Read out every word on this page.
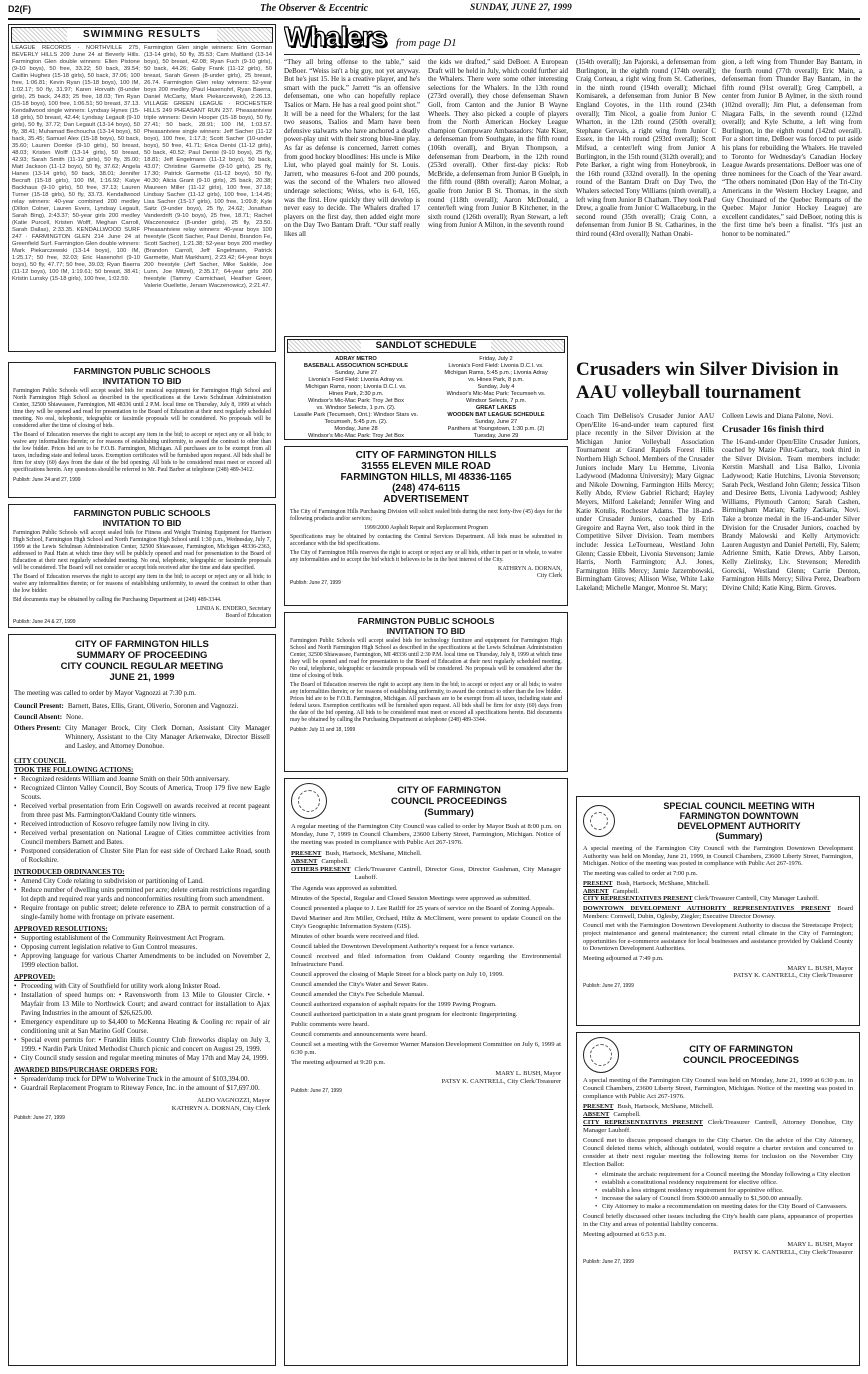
D2(F)	The Observer & Eccentric	SUNDAY, JUNE 27, 1999
SWIMMING RESULTS
LEAGUE RECORDS · NORTHVILLE 275, BEVERLY HILLS 209 June 24 at Beverly Hills. Farmington Glen double winners: Ellen Pistone (9-10 boys), 50 free, 33.22; 50 back, 39.54; Caitlin Hughes (15-18 girls), 50 back, 37.06; 100 free, 1:06.81; Kevin Ryan (15-18 boys), 100 IM, 1:02.17; 50 fly, 31.97; Karen Horvath (8-under girls), 25 back, 24.83; 25 free, 18.03; Tim Ryan (15-18 boys), 100 free, 1:06.51; 50 breast, 37.13. Kendallwood single winners: Lyndsay Hynes (15-18 girls), 50 breast, 42.44; Lyndsay Legault (9-10 girls), 50 fly, 37.72; Dan Legault (13-14 boys), 50 fly, 38.41; Muhamad Bechoucha (13-14 boys), 50 back, 35.45; Samuel Alex (15-18 boys), 50 back, 35.60; Lauren Domke (9-10 girls), 50 breast, 48.03; Kristen Wolff (13-14 girls), 50 breast, 42.93; Sarah Smith (11-12 girls), 50 fly, 35.00; Matt Jackson (11-12 boys), 50 fly, 37.62; Angela Hanes (13-14 girls), 50 back, 38.01; Jennifer Becraft (15-18 girls), 100 IM, 1:16.92; Katye Backhaus (9-10 girls), 50 free, 37.13; Lauren Turner (15-18 girls), 50 fly, 33.73. Kendallwood relay winners: 40-year combined 200 medley (Dillon Colner, Lauren Evers, Lyndsay Legault, Sarah Bing), 2:43.37; 50-year girls 200 medley (Katie Purcell, Kristen Wolff, Meghan Carroll, Sarah Dallas), 2:33.35. KENDALLWOOD SURF 247 · FARMINGTON GLEN 214 June 24 at Greenfield Surf. Farmington Glen double winners: Mark Piekarczewski (13-14 boys), 100 IM, 1:25.17; 50 free, 32.03; Eric Hasenohrl (9-10 boys), 50 fly, 47.77; 50 free, 39.03; Ryan Baerra (11-12 boys), 100 IM, 1:19.61; 50 breast, 38.41; Kristin Lunsky (15-18 girls), 100 free, 1:02.59.
Farmington Glen single winners: Erin Gorman (13-14 girls), 50 fly, 35.53; Cam Maitland (13-14 boys), 50 breast, 42.08; Ryan Fuch (9-10 girls), 50 back, 44.26; Gaby Frank (11-12 girls), 50 breast, Sarah Green (8-under girls), 25 breast, 26.74. Farmington Glen relay winners: 52-year boys 200 medley (Paul Hasenohrl, Ryan Baerra, Daniel McCarty, Mark Piekarczewski), 2:26.13. VILLAGE GREEN LEAGUE · ROCHESTER HILLS 249 PHEASANT RUN 237. Pheasantview triple winners: Devin Hooper (15-18 boys), 50 fly, 27.41; 50 back, 28.91; 100 IM, 1:03.57. Pheasantview single winners: Jeff Sacher (11-12 boys), 100 free, 1:17.3; Scott Sacher (10-under boys), 50 free, 41.71; Erica Denisi (11-12 girls), 50 back, 40.52; Paul Denisi (9-10 boys), 25 fly, 18.81; Jeff Engelmann (11-12 boys), 50 back, 43.07; Christine Garmette (9-10 girls), 25 fly, 17.30; Patrick Garmette (11-12 boys), 50 fly, 40.30; Alicia Grant (9-10 girls), 25 back, 20.38; Maureen Miller (11-12 girls), 100 free, 37.18; Lindsay Sacher (11-12 girls), 100 free, 1:14.45; Lisa Sacher (15-17 girls), 100 free, 1:09.8; Kyle Saitz (9-under boys), 25 fly, 24.62; Jonathan Vanderdrift (9-10 boys), 25 free, 18.71; Rachel Waczenowicz (8-under girls), 25 fly, 23.50. Pheasantview relay winners: 40-year boys 100 freestyle (Scott Sacher, Paul Denisi, Brandon Fe, Scott Sacher), 1:21.38; 52-year boys 200 medley (Brandon Carroll, Jeff Engelmann, Patrick Garmette, Matt Markham), 2:23.42; 64-year boys 200 freestyle (Jeff Sacher, Mike Sakkle, Joe Lunn, Joe Mitzel), 2:35.17; 64-year girls 200 freestyle (Tammy Carmichael, Heather Greer, Valerie Ouellette, Jenam Waczenowicz), 2:21.47.
Whalers from page D1
“They all bring offense to the table,” said DeBoer. “Weiss isn't a big guy, not yet anyway. But he's just 15. He is a creative player, and he's smart with the puck.” Jarrett “is an offensive defenseman, one who can hopefully replace Tsalios or Marn. He has a real good point shot.” It will be a need for the Whalers; for the last two seasons, Tsalios and Marn have been defensive stalwarts who have anchored a deadly power-play unit with their strong blue-line play. As far as defense is concerned, Jarrett comes from good hockey bloodlines: His uncle is Mike Liut, who played goal mainly for St. Louis. Jarrett, who measures 6-foot and 200 pounds, was the second of the Whalers two allowed underage selections; Weiss, who is 6-0, 165, was the first. How quickly they will develop is never easy to decide. The Whalers drafted 17 players on the first day, then added eight more on the Day Two Bantam Draft. “Our staff really likes all
the kids we drafted,” said DeBoer. A European Draft will be held in July, which could further aid the Whalers. There were some other interesting selections for the Whalers. In the 13th round (273rd overall), they chose defenseman Shawn Goll, from Canton and the Junior B Wayne Wheels. They also picked a couple of players from the North American Hockey League champion Compuware Ambassadors: Nate Kiser, a defenseman from Southgate, in the fifth round (106th overall), and Bryan Thompson, a defenseman from Dearborn, in the 12th round (253rd overall). Other first-day picks: Rob McBride, a defenseman from Junior B Guelph, in the fifth round (88th overall); Aaron Molnar, a goalie from Junior B St. Thomas, in the sixth round (118th overall); Aaron McDonald, a center/left wing from Junior B Kitchener, in the sixth round (126th overall); Ryan Stewart, a left wing from Junior A Milton, in the seventh round
(154th overall); Jan Pajorski, a defenseman from Burlington, in the eighth round (174th overall); Craig Corteau, a right wing from St. Catherines, in the ninth round (194th overall); Michael Komisarek, a defenseman from Junior B New England Coyotes, in the 11th round (234th overall); Tim Nicol, a goalie from Junior C Wharton, in the 12th round (250th overall); Stephane Gervais, a right wing from Junior C Essex, in the 14th round (293rd overall); Scott Mifsud, a center/left wing from Junior A Burlington, in the 15th round (312th overall); and Pete Barker, a right wing from Honeybrook, in the 16th round (332nd overall). In the opening round of the Bantam Draft on Day Two, the Whalers selected Tony Williams (ninth overall), a left wing from Junior B Chatham. They took Paul Drew, a goalie from Junior C Wallaceburg, in the second round (35th overall); Craig Conn, a defenseman from Junior B St. Catharines, in the third round (43rd overall); Nathan Onabi-
gion, a left wing from Thunder Bay Bantam, in the fourth round (77th overall); Eric Main, a defenseman from Thunder Bay Bantam, in the fifth round (91st overall); Greg Campbell, a center from Junior B Aylmer, in the sixth round (102nd overall); Jim Plut, a defenseman from Niagara Falls, in the seventh round (122nd overall); and Kyle Schutte, a left wing from Burlington, in the eighth round (142nd overall). For a short time, DeBoer was forced to put aside his plans for rebuilding the Whalers. He traveled to Toronto for Wednesday's Canadian Hockey League Awards presentations. DeBoer was one of three nominees for the Coach of the Year award. “The others nominated (Don Hay of the Tri-City Americans in the Western Hockey League, and Guy Chouinard of the Quebec Remparts of the Quebec Major Junior Hockey League) are excellent candidates,” said DeBoer, noting this is the first time he's been a finalist. “It's just an honor to be nominated.”
SANDLOT SCHEDULE
ADRAY METRO
BASEBALL ASSOCIATION SCHEDULE
Sunday, June 27
Livonia's Ford Field: Livonia Adray vs.
Michigan Rams, noon; Livonia D.C.I. vs.
Hines Park, 2:30 p.m.
Windsor's Mic-Mac Park: Troy Jet Box
vs. Windsor Selects, 1 p.m. (2).
Lasalle Park (Tecumseh, Ont.): Windsor Stars vs. Tecumseh, 5:45 p.m. (2).
Monday, June 28
Windsor's Mic-Mac Park: Troy Jet Box
Friday, July 2
Livonia's Ford Field: Livonia D.C.I. vs.
Michigan Rams, 5:45 p.m.; Livonia Adray
vs. Hines Park, 8 p.m.
Sunday, July 4
Windsor's Mic-Mac Park: Tecumseh vs.
Windsor Selects, 7 p.m.
GREAT LAKES
WOODEN BAT LEAGUE SCHEDULE
Sunday, June 27
Panthers at Youngstown, 1:30 p.m. (2)
Tuesday, June 29
Crusaders win Silver Division in AAU volleyball tournament
Coach Tim DeBeliso's Crusader Junior AAU Open/Elite 16-and-under team captured first place recently in the Silver Division at the Michigan Junior Volleyball Association Tournament at Grand Rapids Forest Hills Northern High School. Members of the Crusader Juniors include Mary Lu Hemme, Livonia Ladywood (Madonna University); Mary Gignac and Nikole Downing, Farmington Hills Mercy; Kelly Abdo, R'view Gabriel Richard; Hayley Meyers, Milford Lakeland; Jennifer Wing and Katie Kotulis, Rochester Adams. The 18-and-under Crusader Juniors, coached by Erin Gregoire and Rayna Vert, also took third in the Competitive Silver Division. Team members include: Jessica LeTourneau, Westland John Glenn; Cassie Ebbeit, Livonia Stevenson; Jamie Harris, North Farmington; A.J. Jones, Farmington Hills Mercy; Jamie Jarzembowski, Birmingham Groves; Allison Wise, White Lake Lakeland; Michelle Manger, Monroe St. Mary;
Colleen Lewis and Diana Palone, Novi.
Crusader 16s finish third
The 16-and-under Open/Elite Crusader Juniors, coached by Mazie Pilut-Garbarz, took third in the Silver Division. Team members include: Kerstin Marshall and Lisa Balko, Livonia Ladywood; Katie Hutchins, Livonia Stevenson; Sarah Peck, Westland John Glenn; Jessica Tilson and Desiree Betts, Livonia Ladywood; Ashley Williams, Plymouth Canton; Sarah Cashen, Birmingham Marian; Kathy Zackaria, Novi. Take a bronze medal in the 16-and-under Silver Division for the Crusader Juniors, coached by Brandy Malowski and Kelly Artymovich: Lauren Augustyn and Daniel Pertelli, Fly, Salem; Adrienne Smith, Katie Drews, Abby Larson, Kelly Zielinsky, Liv. Stevenson; Meredith Gorecki, Westland Glenn; Carrie Denton, Farmington Hills Mercy; Siliva Perez, Dearborn Divine Child; Katie King, Birm. Groves.
FARMINGTON PUBLIC SCHOOLS
INVITATION TO BID

Farmington Public Schools will accept sealed bids for musical equipment for Farmington High School and North Farmington High School as described in the specifications at the Lewis Schulman Administration Center, 32500 Shiawassee, Farmington, MI 48336 until 2 P.M. local time on Thursday, July 8, 1999 at which time they will be opened and read for presentation to the Board of Education at their next regularly scheduled meeting. No oral, telephonic, telegraphic or facsimile proposals will be considered. No proposals will be considered after the time of closing of bids.

The Board of Education reserves the right to accept any item in the bid; to accept or reject any or all bids; to waive any informalities therein; or for reasons of establishing uniformity, to award the contract to other than the low bidder. Prices bid are to be F.O.B. Farmington, Michigan. All purchases are to be exempt from all taxes, including state and federal taxes. Exemption certificates will be furnished upon request. All bids shall be firm for sixty (60) days from the date of the bid opening. All bids to be considered must meet or exceed all specifications herein. Any questions should be referred to Mr. Paul Barber at telephone (248) 489-3412.

Publish: June 24 and 27, 1999
FARMINGTON PUBLIC SCHOOLS
INVITATION TO BID

Farmington Public Schools will accept sealed bids for Fitness and Weight Training Equipment for Harrison High School, Farmington High School and North Farmington High School until 1:30 p.m., Wednesday, July 7, 1999 at the Lewis Schulman Administration Center, 32500 Shiawassee, Farmington, Michigan 48336-2363, addressed to Paul Hain at which time they will be publicly opened and read for presentation to the Board of Education at their next regularly scheduled meeting. No oral, telephonic, telegraphic or facsimile proposals will be considered. The Board will not consider or accept bids received after the time and date specified.

The Board of Education reserves the right to accept any item in the bid; to accept or reject any or all bids; to waive any informalities therein; or for reasons of establishing uniformity, to award the contract to other than the low bidder.

Bid documents may be obtained by calling the Purchasing Department at (248) 489-3344.

LINDA K. ENDERO, Secretary
Board of Education
Publish: June 24 & 27, 1999
CITY OF FARMINGTON HILLS
SUMMARY OF PROCEEDING
CITY COUNCIL REGULAR MEETING
JUNE 21, 1999

The meeting was called to order by Mayor Vagnozzi at 7:30 p.m.

Council Present: Barnett, Bates, Ellis, Grant, Oliverio, Soronen and Vagnozzi.
Council Absent: None.
Others Present: City Manager Brock, City Clerk Dornan, Assistant City Manager Whinnery, Assistant to the City Manager Arkenwake, Director Bissell and Lasley, and Attorney Donohue.
CITY COUNCIL
TOOK THE FOLLOWING ACTIONS:
• Recognized residents William and Joanne Smith on their 50th anniversary.
• Recognized Clinton Valley Council, Boy Scouts of America, Troop 179 five new Eagle Scouts.
• Received verbal presentation from Erin Cogswell on awards received at recent pageant from three past Ms. Farmington/Oakland County title winners.
• Received introduction of Kosovo refugee family now living in city.
• Received verbal presentation on National League of Cities committee activities from Council members Barnett and Bates.
• Postponed consideration of Cluster Site Plan for east side of Orchard Lake Road, south of Rockshire.
INTRODUCED ORDINANCES TO:
• Amend City Code relating to subdivision or partitioning of Land.
• Reduce number of dwelling units permitted per acre; delete certain restrictions regarding lot depth and required rear yards and nonconformities resulting from such amendment.
• Require frontage on public street; delete reference to ZBA to permit construction of a single-family home with frontage on private easement.
APPROVED RESOLUTIONS:
• Supporting establishment of the Community Reinvestment Act Program.
• Opposing current legislation relative to Gun Control measures.
• Approving language for various Charter Amendments to be included on November 2, 1999 election ballot.
APPROVED:
• Proceeding with City of Southfield for utility work along Inkster Road.
• Installation of speed humps on: • Ravensworth from 13 Mile to Glouster Circle. • Mayfair from 13 Mile to Northwick Court; and award contract for installation to Ajax Paving Industries in the amount of $26,625.00.
• Emergency expenditure up to $4,400 to McKenna Heating & Cooling re: repair of air conditioning unit at San Marino Golf Course.
• Special event permits for: • Franklin Hills Country Club fireworks display on July 3, 1999. • Nardin Park United Methodist Church picnic and concert on August 29, 1999.
• City Council study session and regular meeting minutes of May 17th and May 24, 1999.
AWARDED BIDS/PURCHASE ORDERS FOR:
• Spreader/dump truck for DPW to Wolverine Truck in the amount of $103,394.00.
• Guardrail Replacement Program to Riteway Fence, Inc. in the amount of $17,697.00.
ALDO VAGNOZZI, Mayor
KATHRYN A. DORNAN, City Clerk
Publish: June 27, 1999
CITY OF FARMINGTON HILLS
31555 ELEVEN MILE ROAD
FARMINGTON HILLS, MI 48336-1165
(248) 474-6115
ADVERTISEMENT

The City of Farmington Hills Purchasing Division will solicit sealed bids during the next forty-five (45) days for the following products and/or services;

1999/2000 Asphalt Repair and Replacement Program

Specifications may be obtained by contacting the Central Services Department. All bids must be submitted in accordance with the bid specifications.

The City of Farmington Hills reserves the right to accept or reject any or all bids, either in part or in whole, to waive any informalities and to accept the bid which it believes to be in the best interest of the City.

KATHRYN A. DORNAN,
City Clerk
Publish: June 27, 1999
FARMINGTON PUBLIC SCHOOLS
INVITATION TO BID

Farmington Public Schools will accept sealed bids for technology furniture and equipment for Farmington High School and North Farmington High School as described in the specifications at the Lewis Schulman Administration Center, 32500 Shiawassee, Farmington, MI 48336 until 2:30 P.M. local time on Thursday, July 8, 1999 at which time they will be opened and read for presentation to the Board of Education at their next regularly scheduled meeting. No oral, telephonic, telegraphic or facsimile proposals will be considered. No proposals will be considered after the time of closing of bids.

The Board of Education reserves the right to accept any item in the bid; to accept or reject any or all bids; to waive any informalities therein; or for reasons of establishing uniformity, to award the contract to other than the low bidder. Prices bid are to be F.O.B. Farmington, Michigan. All purchases are to be exempt from all taxes, including state and federal taxes. Exemption certificates will be furnished upon request. All bids shall be firm for sixty (60) days from the date of the bid opening. All bids to be considered must meet or exceed all specifications herein. Bid documents may be obtained by calling the Purchasing Department at telephone (248) 489-3344.

Publish: July 11 and 18, 1999
CITY OF FARMINGTON
COUNCIL PROCEEDINGS
(Summary)

A regular meeting of the Farmington City Council was called to order by Mayor Bush at 8:00 p.m. on Monday, June 7, 1999 in Council Chambers, 23600 Liberty Street, Farmington, Michigan. Notice of the meeting was posted in compliance with Public Act 267-1976.

PRESENT Bush, Hartsock, McShane, Mitchell.
ABSENT Campbell.
OTHERS PRESENT Clerk/Treasurer Cantrell, Director Goss, Director Gushman, City Manager Lauhoff.

The Agenda was approved as submitted.

Minutes of the Special, Regular and Closed Session Meetings were approved as submitted.

Council presented a plaque to J. Lee Ratliff for 25 years of service on the Board of Zoning Appeals.

David Mariner and Jim Miller, Orchard, Hiltz & McCliment, were present to update Council on the City's Geographic Information System (GIS).

Minutes of other boards were received and filed.

Council tabled the Downtown Development Authority's request for a fence variance.

Council received and filed information from Oakland County regarding the Environmental Infrastructure Fund.

Council approved the closing of Maple Street for a block party on July 10, 1999.

Council amended the City's Water and Sewer Rates.

Council amended the City's Fee Schedule Manual.

Council authorized expansion of asphalt repairs for the 1999 Paving Program.

Council authorized participation in a state grant program for electronic fingerprinting.

Public comments were heard.

Council comments and announcements were heard.

Council set a meeting with the Governor Warner Mansion Development Committee on July 6, 1999 at 6:30 p.m.

The meeting adjourned at 9:20 p.m.

MARY L. BUSH, Mayor
PATSY K. CANTRELL, City Clerk/Treasurer
Publish: June 27, 1999
SPECIAL COUNCIL MEETING WITH
FARMINGTON DOWNTOWN
DEVELOPMENT AUTHORITY
(Summary)

A special meeting of the Farmington City Council with the Farmington Downtown Development Authority was held on Monday, June 21, 1999, in Council Chambers, 23600 Liberty Street, Farmington, Michigan. Notice of the meeting was posted in compliance with Public Act 267-1976.

The meeting was called to order at 7:00 p.m.

PRESENT Bush, Hartsock, McShane, Mitchell.
ABSENT Campbell.

CITY REPRESENTATIVES PRESENT Clerk/Treasurer Cantrell, City Manager Lauhoff.

DOWNTOWN DEVELOPMENT AUTHORITY REPRESENTATIVES PRESENT Board Members: Cornwell, Dubin, Oglesby, Ziegler; Executive Director Downey.

Council met with the Farmington Downtown Development Authority to discuss the Streetscape Project; project maintenance and general maintenance; the current retail climate in the City of Farmington; opportunities for e-commerce assistance for local businesses and assistance provided by Oakland County to Downtown Development Authorities.

Meeting adjourned at 7:49 p.m.

MARY L. BUSH, Mayor
PATSY K. CANTRELL, City Clerk/Treasurer
Publish: June 27, 1999
CITY OF FARMINGTON
COUNCIL PROCEEDINGS

A special meeting of the Farmington City Council was held on Monday, June 21, 1999 at 6:30 p.m. in Council Chambers, 23600 Liberty Street, Farmington, Michigan. Notice of the meeting was posted in compliance with Public Act 267-1976.

PRESENT Bush, Hartsock, McShane, Mitchell.
ABSENT Campbell.

CITY REPRESENTATIVES PRESENT Clerk/Treasurer Cantrell, Attorney Donohue, City Manager Lauhoff.

Council met to discuss proposed changes to the City Charter. On the advice of the City Attorney, Council deleted items which, although outdated, would require a charter revision and concurred to consider at their next regular meeting the following items for inclusion on the November City Election Ballot:

• eliminate the archaic requirement for a Council meeting the Monday following a City election
• establish a constitutional residency requirement for elective office.
• establish a less stringent residency requirement for appointive office.
• increase the salary of Council from $300.00 annually to $1,500.00 annually.
• City Attorney to make a recommendation on meeting dates for the City Board of Canvassers.

Council briefly discussed other issues including the City's health care plans, appearance of properties in the City and areas of potential liability concerns.

Meeting adjourned at 6:53 p.m.

MARY L. BUSH, Mayor
PATSY K. CANTRELL, City Clerk/Treasurer
Publish: June 27, 1999
